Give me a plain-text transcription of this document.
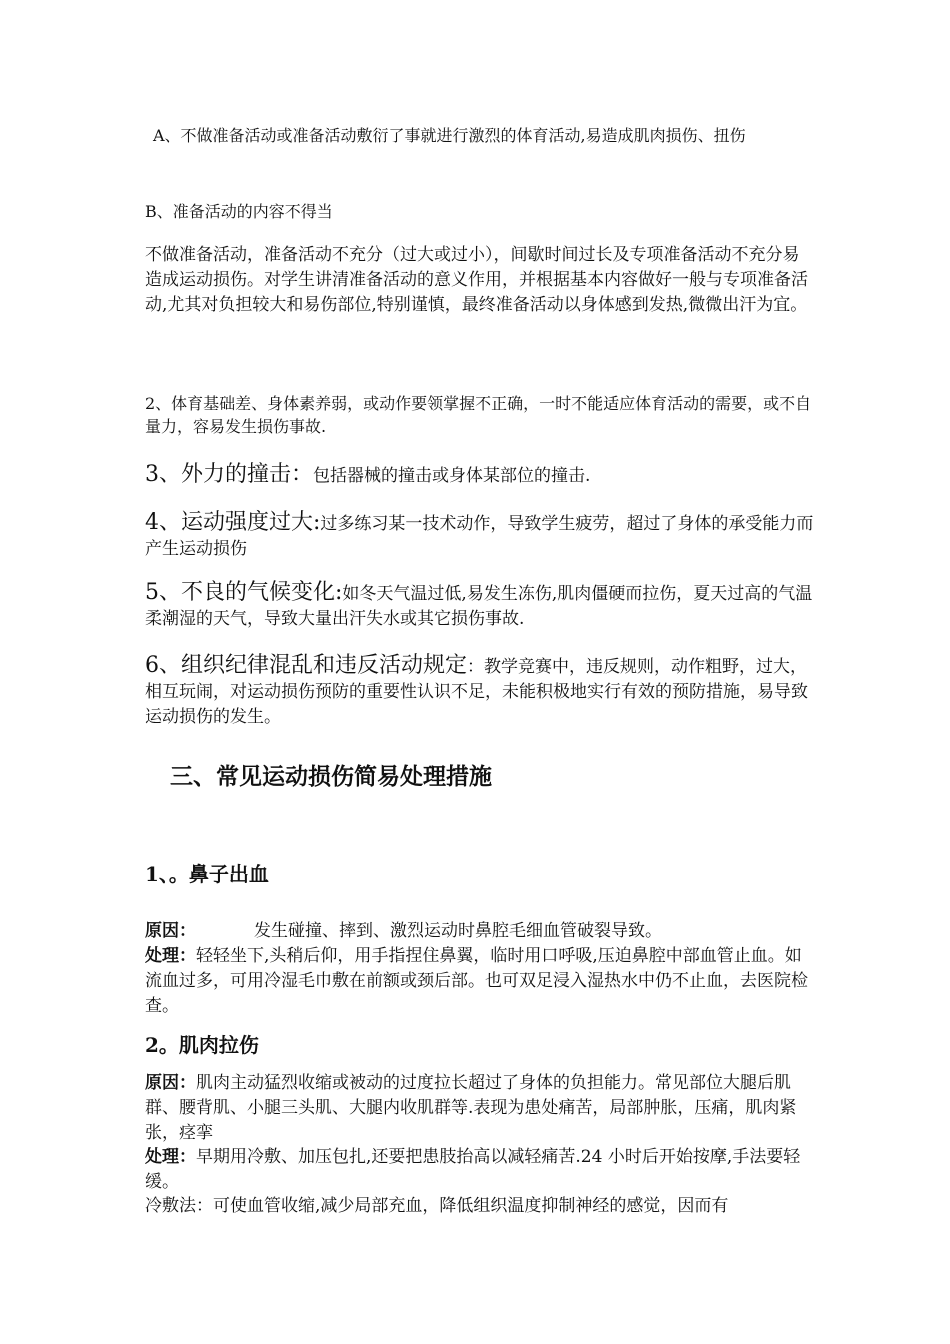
A、不做准备活动或准备活动敷衍了事就进行激烈的体育活动,易造成肌肉损伤、扭伤

B、准备活动的内容不得当

不做准备活动，准备活动不充分（过大或过小），间歇时间过长及专项准备活动不充分易造成运动损伤。对学生讲清准备活动的意义作用，并根据基本内容做好一般与专项准备活动,尤其对负担较大和易伤部位,特别谨慎，最终准备活动以身体感到发热,微微出汗为宜。

2、体育基础差、身体素养弱，或动作要领掌握不正确，一时不能适应体育活动的需要，或不自量力，容易发生损伤事故.

3、外力的撞击：包括器械的撞击或身体某部位的撞击.

4、运动强度过大:过多练习某一技术动作，导致学生疲劳，超过了身体的承受能力而产生运动损伤

5、不良的气候变化:如冬天气温过低,易发生冻伤,肌肉僵硬而拉伤，夏天过高的气温柔潮湿的天气，导致大量出汗失水或其它损伤事故.

6、组织纪律混乱和违反活动规定：教学竞赛中，违反规则，动作粗野，过大，相互玩闹，对运动损伤预防的重要性认识不足，未能积极地实行有效的预防措施，易导致运动损伤的发生。

三、常见运动损伤简易处理措施
1、。鼻子出血

原因：	发生碰撞、摔到、激烈运动时鼻腔毛细血管破裂导致。

处理：轻轻坐下,头稍后仰，用手指捏住鼻翼，临时用口呼吸,压迫鼻腔中部血管止血。如流血过多，可用冷湿毛巾敷在前额或颈后部。也可双足浸入湿热水中仍不止血，去医院检查。

2。肌肉拉伤

原因：肌肉主动猛烈收缩或被动的过度拉长超过了身体的负担能力。常见部位大腿后肌群、腰背肌、小腿三头肌、大腿内收肌群等.表现为患处痛苦，局部肿胀，压痛，肌肉紧张，痉挛

处理：早期用冷敷、加压包扎,还要把患肢抬高以减轻痛苦.24 小时后开始按摩,手法要轻缓。

冷敷法：可使血管收缩,减少局部充血，降低组织温度抑制神经的感觉，因而有
